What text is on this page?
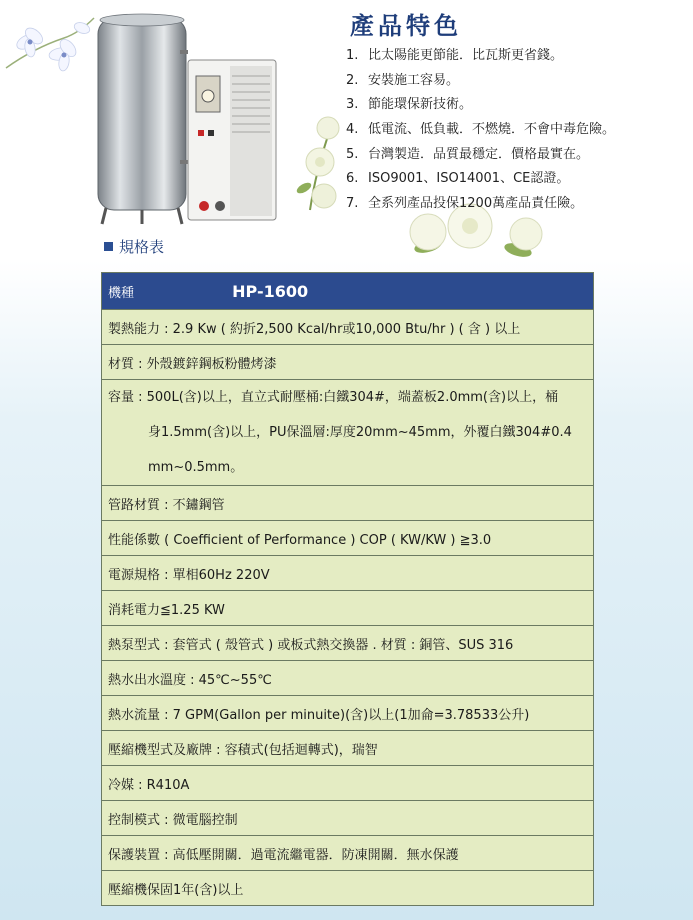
產品特色
1. 比太陽能更節能．比瓦斯更省錢。
2. 安裝施工容易。
3. 節能環保新技術。
4. 低電流、低負載．不燃燒．不會中毒危險。
5. 台灣製造．品質最穩定．價格最實在。
6. ISO9001、ISO14001、CE認證。
7. 全系列產品投保1200萬產品責任險。
規格表
機種	HP-1600
製熱能力 : 2.9 Kw ( 約折2,500 Kcal/hr或10,000 Btu/hr ) ( 含 ) 以上
材質 : 外殼鍍鋅鋼板粉體烤漆

容量 : 500L(含)以上，直立式耐壓桶:白鐵304#，端蓋板2.0mm(含)以上，桶
身1.5mm(含)以上，PU保溫層:厚度20mm~45mm，外覆白鐵304#0.4
mm~0.5mm。

管路材質 : 不鏽鋼管
性能係數 ( Coefficient of Performance ) COP ( KW/KW ) ≧3.0
電源規格 : 單相60Hz 220V
消耗電力≦1.25 KW
熱泵型式 : 套管式 ( 殼管式 ) 或板式熱交換器 . 材質 : 銅管、SUS 316
熱水出水溫度 : 45℃~55℃
熱水流量 : 7 GPM(Gallon per minuite)(含)以上(1加侖=3.78533公升)
壓縮機型式及廠牌 : 容積式(包括迴轉式)，瑞智
冷媒 : R410A
控制模式 : 微電腦控制
保護裝置 : 高低壓開關．過電流繼電器．防凍開關．無水保護
壓縮機保固1年(含)以上
